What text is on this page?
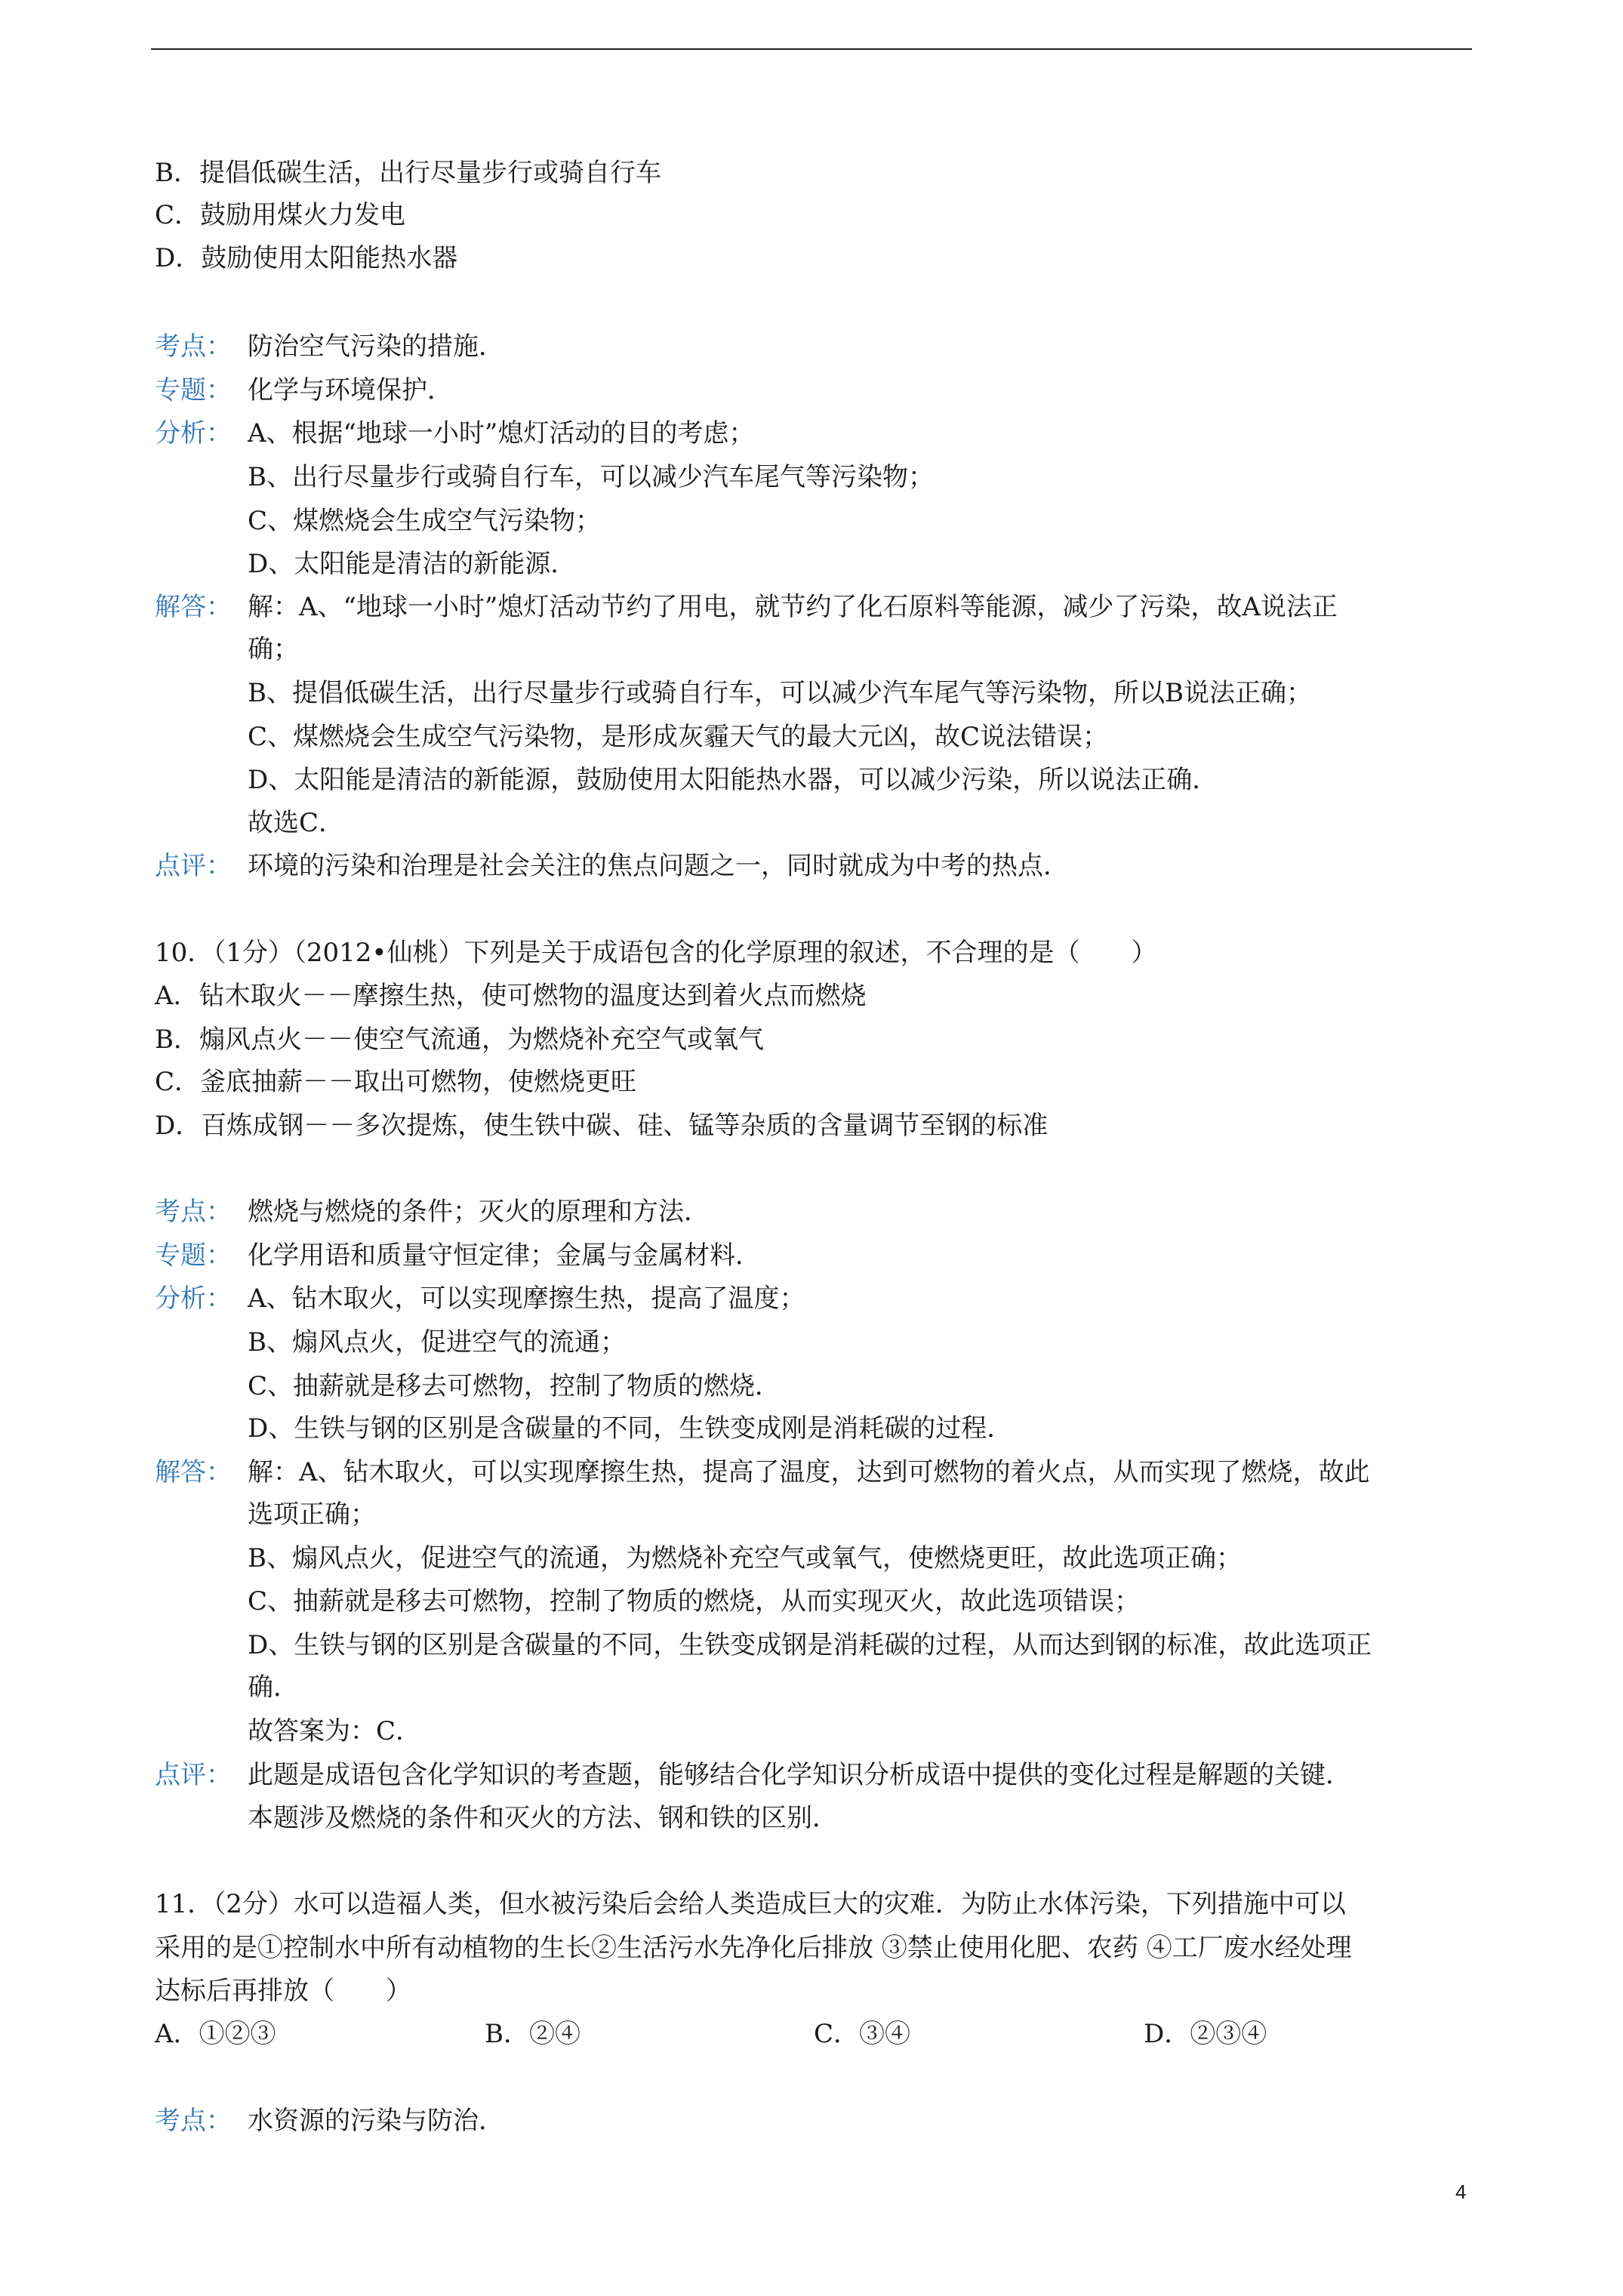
B．提倡低碳生活，出行尽量步行或骑自行车
C．鼓励用煤火力发电
D．鼓励使用太阳能热水器
考点： 防治空气污染的措施．
专题： 化学与环境保护．
分析： A、根据“地球一小时”熄灯活动的目的考虑；
B、出行尽量步行或骑自行车，可以减少汽车尾气等污染物；
C、煤燃烧会生成空气污染物；
D、太阳能是清洁的新能源．
解答： 解：A、“地球一小时”熄灯活动节约了用电，就节约了化石原料等能源，减少了污染，故A说法正
确；
B、提倡低碳生活，出行尽量步行或骑自行车，可以减少汽车尾气等污染物，所以B说法正确；
C、煤燃烧会生成空气污染物，是形成灰霾天气的最大元凶，故C说法错误；
D、太阳能是清洁的新能源，鼓励使用太阳能热水器，可以减少污染，所以说法正确．
故选C．
点评： 环境的污染和治理是社会关注的焦点问题之一，同时就成为中考的热点．
10．（1分）（2012•仙桃）下列是关于成语包含的化学原理的叙述，不合理的是（　　）
A．钻木取火－－摩擦生热，使可燃物的温度达到着火点而燃烧
B．煽风点火－－使空气流通，为燃烧补充空气或氧气
C．釜底抽薪－－取出可燃物，使燃烧更旺
D．百炼成钢－－多次提炼，使生铁中碳、硅、锰等杂质的含量调节至钢的标准
考点： 燃烧与燃烧的条件；灭火的原理和方法．
专题： 化学用语和质量守恒定律；金属与金属材料．
分析： A、钻木取火，可以实现摩擦生热，提高了温度；
B、煽风点火，促进空气的流通；
C、抽薪就是移去可燃物，控制了物质的燃烧．
D、生铁与钢的区别是含碳量的不同，生铁变成刚是消耗碳的过程．
解答： 解：A、钻木取火，可以实现摩擦生热，提高了温度，达到可燃物的着火点，从而实现了燃烧，故此
选项正确；
B、煽风点火，促进空气的流通，为燃烧补充空气或氧气，使燃烧更旺，故此选项正确；
C、抽薪就是移去可燃物，控制了物质的燃烧，从而实现灭火，故此选项错误；
D、生铁与钢的区别是含碳量的不同，生铁变成钢是消耗碳的过程，从而达到钢的标准，故此选项正
确．
故答案为：C．
点评： 此题是成语包含化学知识的考查题，能够结合化学知识分析成语中提供的变化过程是解题的关键．
本题涉及燃烧的条件和灭火的方法、钢和铁的区别．
11．（2分）水可以造福人类，但水被污染后会给人类造成巨大的灾难．为防止水体污染，下列措施中可以
采用的是①控制水中所有动植物的生长②生活污水先净化后排放 ③禁止使用化肥、农药 ④工厂废水经处理
达标后再排放（　　）
A．①②③	B．②④	C．③④	D．②③④
考点： 水资源的污染与防治．
4
